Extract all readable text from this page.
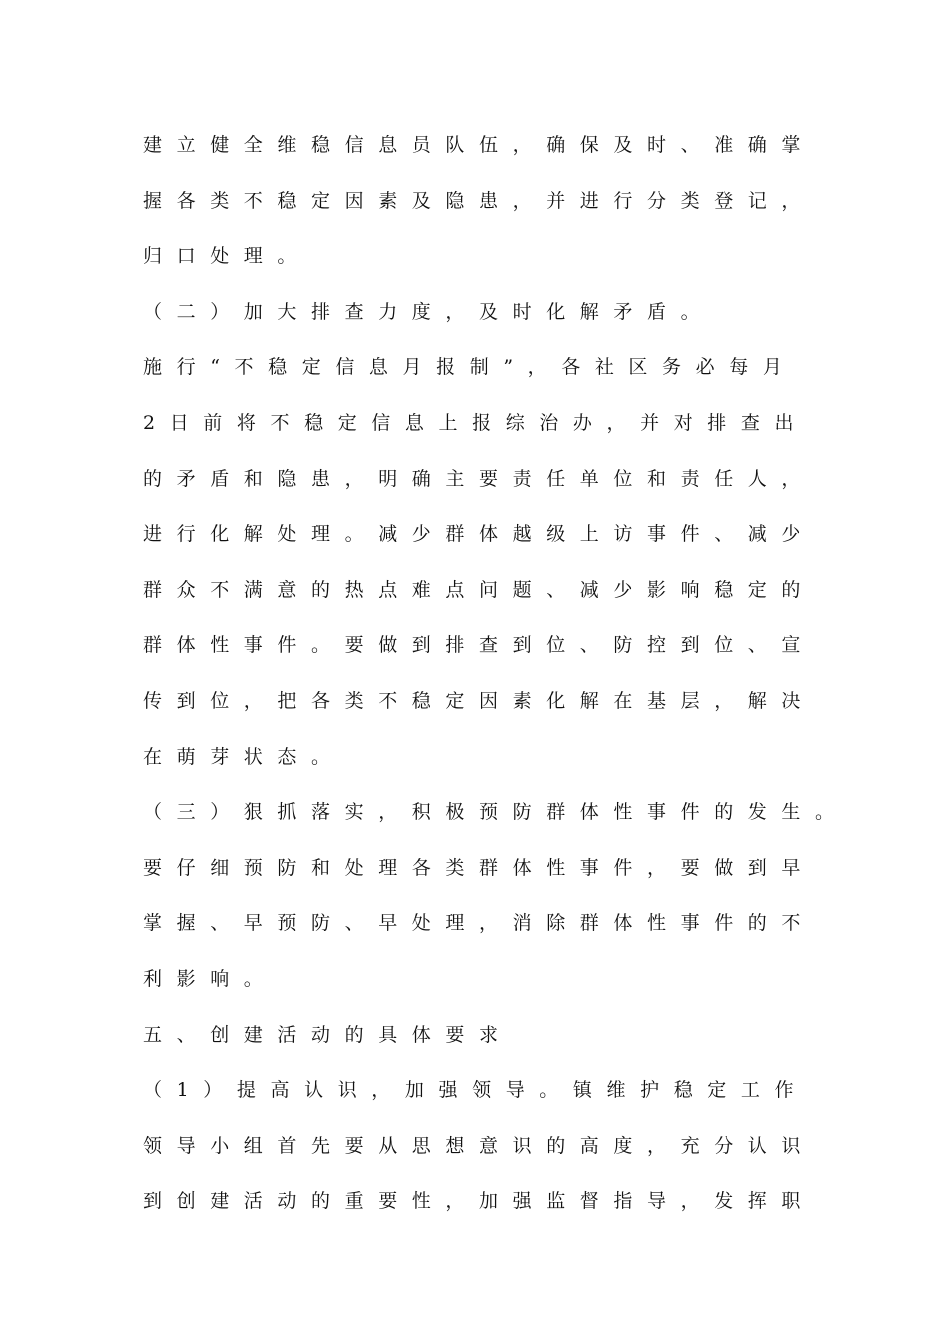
建立健全维稳信息员队伍，确保及时、准确掌
握各类不稳定因素及隐患，并进行分类登记，
归口处理。
（二）加大排查力度，及时化解矛盾。
施行“不稳定信息月报制”，各社区务必每月
2日前将不稳定信息上报综治办，并对排查出
的矛盾和隐患，明确主要责任单位和责任人，
进行化解处理。减少群体越级上访事件、减少
群众不满意的热点难点问题、减少影响稳定的
群体性事件。要做到排查到位、防控到位、宣
传到位，把各类不稳定因素化解在基层，解决
在萌芽状态。
（三）狠抓落实，积极预防群体性事件的发生。
要仔细预防和处理各类群体性事件，要做到早
掌握、早预防、早处理，消除群体性事件的不
利影响。
五、创建活动的具体要求
（1）提高认识，加强领导。镇维护稳定工作
领导小组首先要从思想意识的高度，充分认识
到创建活动的重要性，加强监督指导，发挥职
